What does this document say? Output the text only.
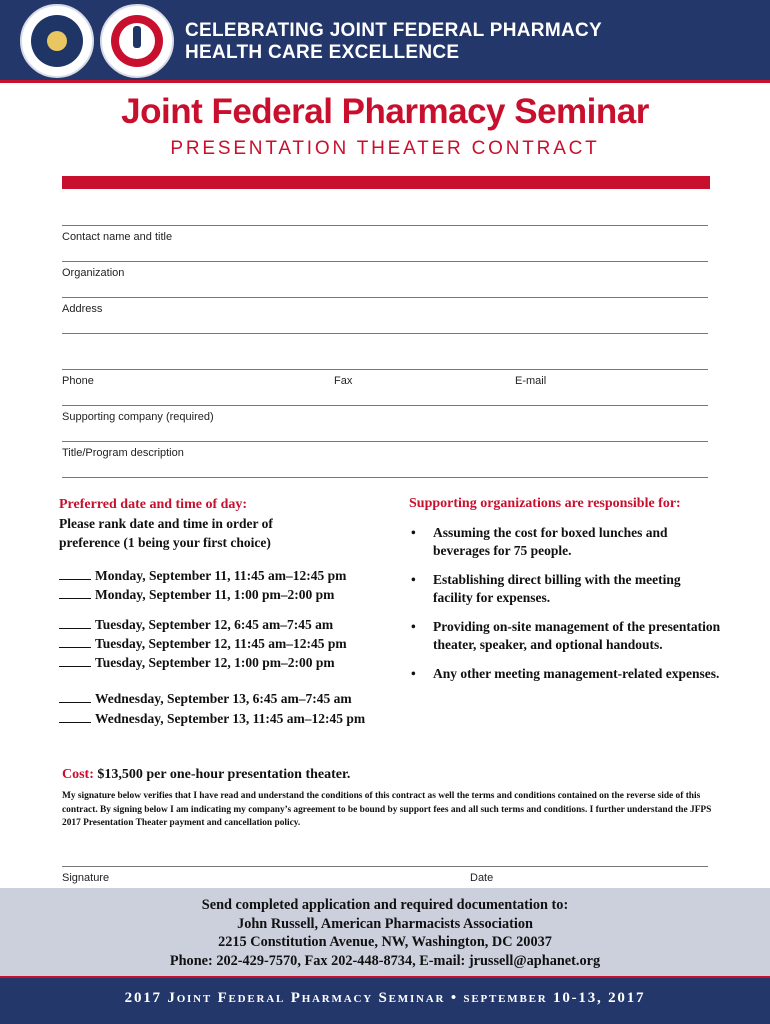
CELEBRATING JOINT FEDERAL PHARMACY
HEALTH CARE EXCELLENCE
Joint Federal Pharmacy Seminar
PRESENTATION THEATER CONTRACT
Contact name and title
Organization
Address
Phone	Fax	E-mail
Supporting company (required)
Title/Program description
Preferred date and time of day:
Please rank date and time in order of preference (1 being your first choice)
Monday, September 11, 11:45 am–12:45 pm
Monday, September 11, 1:00 pm–2:00 pm
Tuesday, September 12, 6:45 am–7:45 am
Tuesday, September 12, 11:45 am–12:45 pm
Tuesday, September 12, 1:00 pm–2:00 pm
Wednesday, September 13, 6:45 am–7:45 am
Wednesday, September 13, 11:45 am–12:45 pm
Supporting organizations are responsible for:
• Assuming the cost for boxed lunches and beverages for 75 people.
• Establishing direct billing with the meeting facility for expenses.
• Providing on-site management of the presentation theater, speaker, and optional handouts.
• Any other meeting management-related expenses.
Cost: $13,500 per one-hour presentation theater.
My signature below verifies that I have read and understand the conditions of this contract as well the terms and conditions contained on the reverse side of this contract. By signing below I am indicating my company’s agreement to be bound by support fees and all such terms and conditions. I further understand the JFPS 2017 Presentation Theater payment and cancellation policy.
Signature	Date
Send completed application and required documentation to:
John Russell, American Pharmacists Association
2215 Constitution Avenue, NW, Washington, DC 20037
Phone: 202-429-7570, Fax 202-448-8734, E-mail: jrussell@aphanet.org
2017 Joint Federal Pharmacy Seminar • september 10-13, 2017
